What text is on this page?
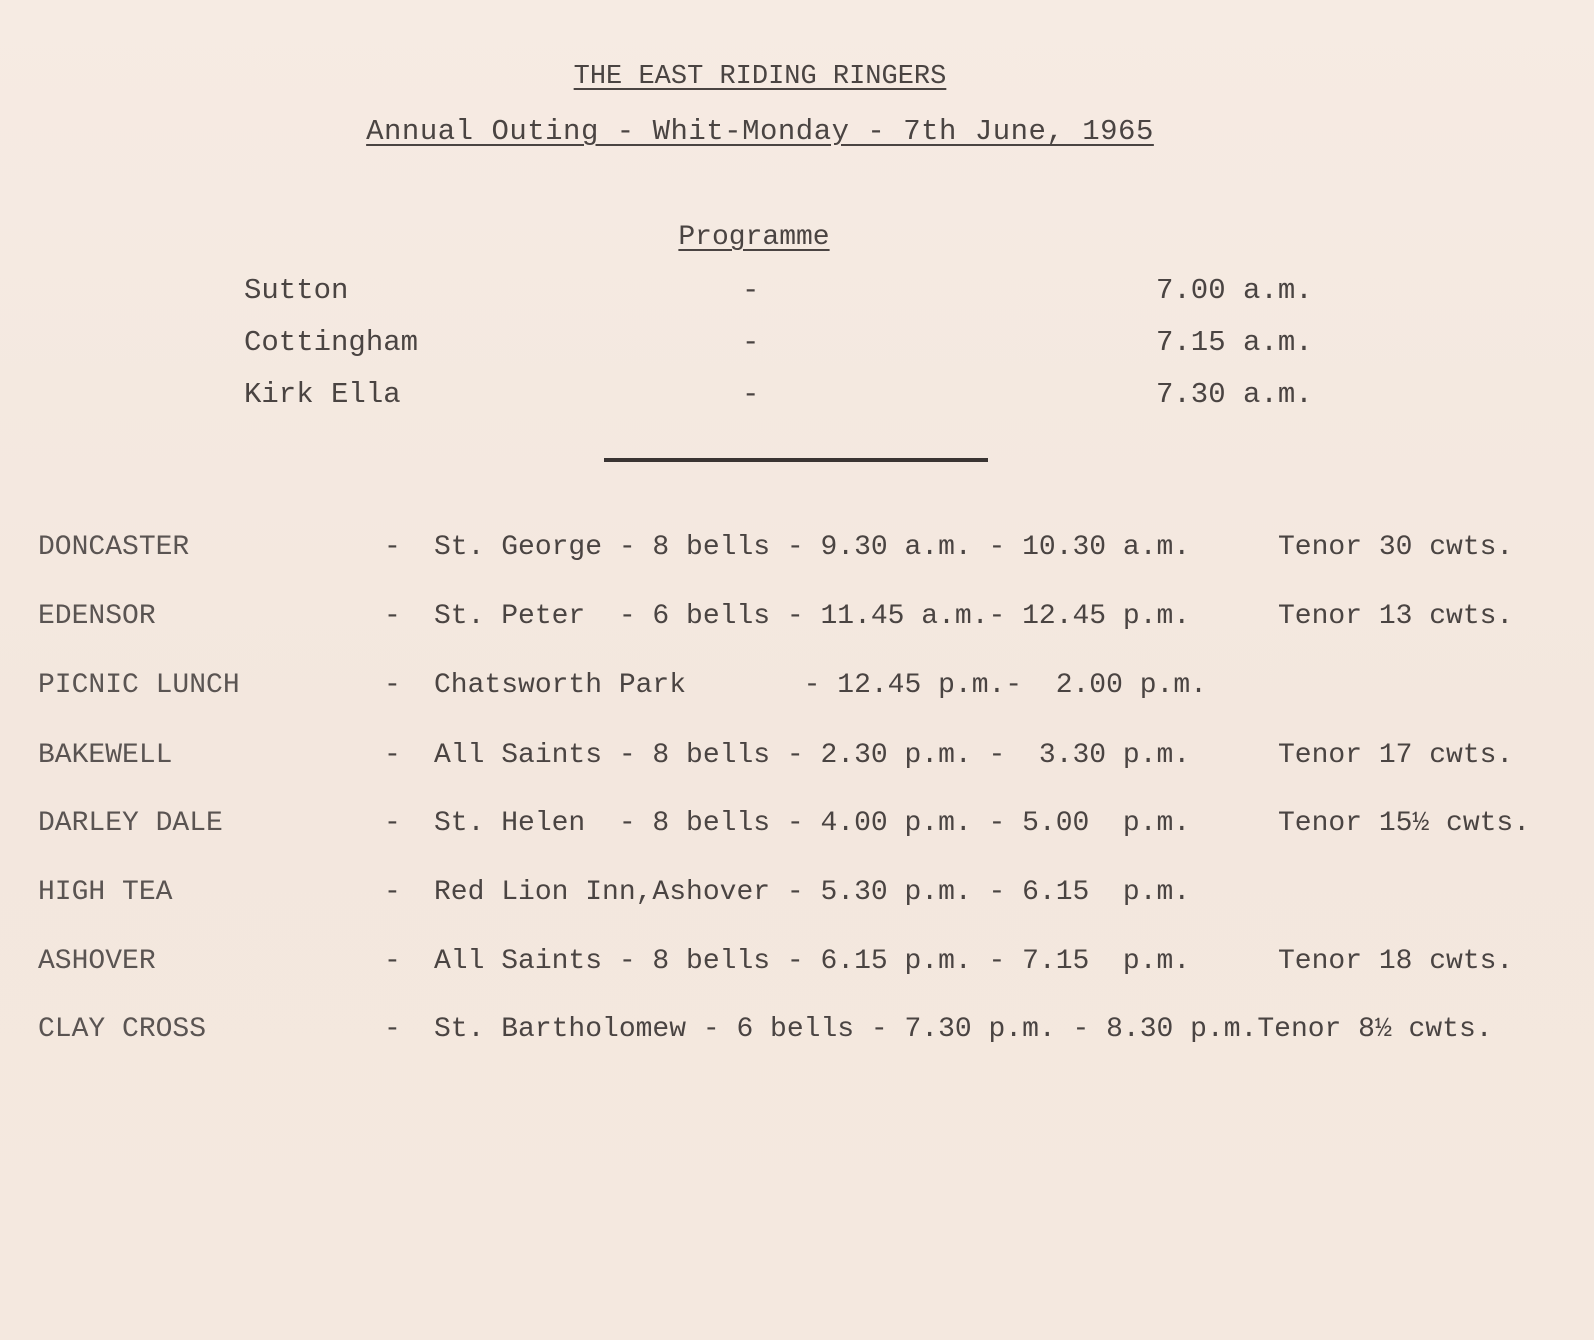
THE EAST RIDING RINGERS
Annual Outing - Whit-Monday - 7th June, 1965
Programme
Sutton	-	7.00 a.m.
Cottingham	-	7.15 a.m.
Kirk Ella	-	7.30 a.m.
DONCASTER	- St. George - 8 bells - 9.30 a.m. - 10.30 a.m.	Tenor 30 cwts.
EDENSOR	- St. Peter  - 6 bells - 11.45 a.m.- 12.45 p.m.	Tenor 13 cwts.
PICNIC LUNCH	- Chatsworth Park       - 12.45 p.m.-  2.00 p.m.
BAKEWELL	- All Saints - 8 bells - 2.30 p.m. -  3.30 p.m.	Tenor 17 cwts.
DARLEY DALE	- St. Helen  - 8 bells - 4.00 p.m. - 5.00  p.m.	Tenor 15½ cwts.
HIGH TEA	- Red Lion Inn,Ashover - 5.30 p.m. - 6.15  p.m.
ASHOVER	- All Saints - 8 bells - 6.15 p.m. - 7.15  p.m.	Tenor 18 cwts.
CLAY CROSS	- St. Bartholomew - 6 bells - 7.30 p.m. - 8.30 p.m.Tenor 8½ cwts.
